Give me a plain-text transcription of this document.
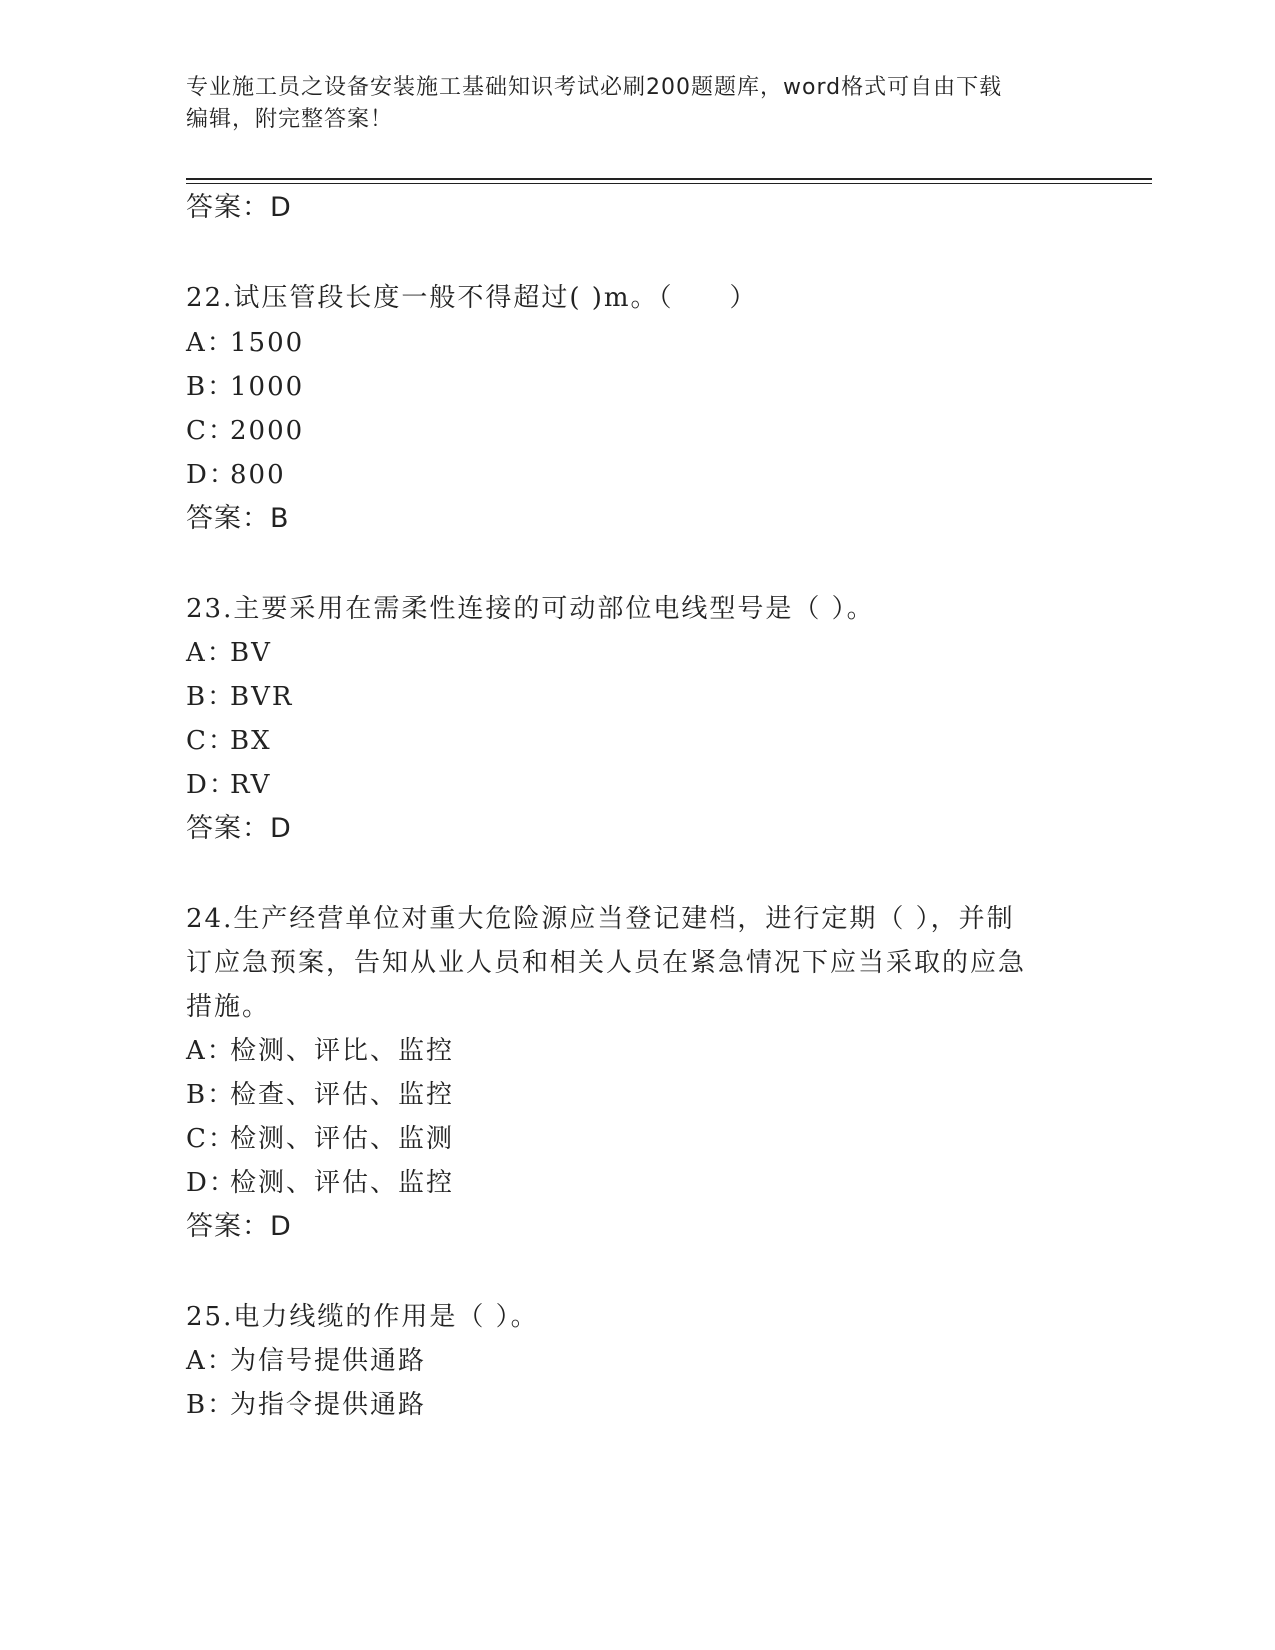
专业施工员之设备安装施工基础知识考试必刷200题题库，word格式可自由下载
编辑，附完整答案！
答案：D
22.试压管段长度一般不得超过( )m。（　　）
A：1500
B：1000
C：2000
D：800
答案：B
23.主要采用在需柔性连接的可动部位电线型号是（ ）。
A：BV
B：BVR
C：BX
D：RV
答案：D
24.生产经营单位对重大危险源应当登记建档，进行定期（ ），并制
订应急预案，告知从业人员和相关人员在紧急情况下应当采取的应急
措施。
A：检测、评比、监控
B：检查、评估、监控
C：检测、评估、监测
D：检测、评估、监控
答案：D
25.电力线缆的作用是（ ）。
A：为信号提供通路
B：为指令提供通路
